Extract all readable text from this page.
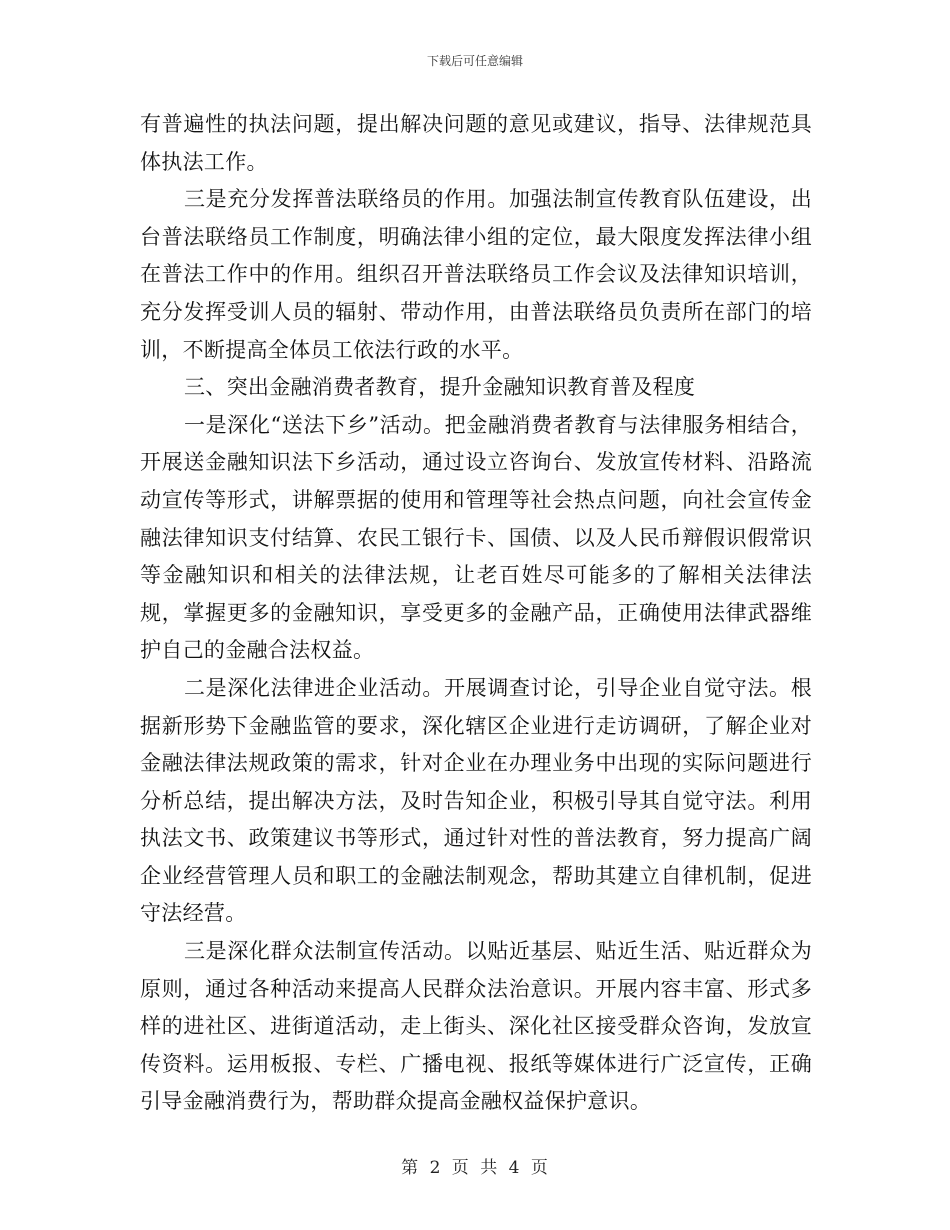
下载后可任意编辑

有普遍性的执法问题，提出解决问题的意见或建议，指导、法律规范具体执法工作。

三是充分发挥普法联络员的作用。加强法制宣传教育队伍建设，出台普法联络员工作制度，明确法律小组的定位，最大限度发挥法律小组在普法工作中的作用。组织召开普法联络员工作会议及法律知识培训，充分发挥受训人员的辐射、带动作用，由普法联络员负责所在部门的培训，不断提高全体员工依法行政的水平。

三、突出金融消费者教育，提升金融知识教育普及程度

一是深化“送法下乡”活动。把金融消费者教育与法律服务相结合，开展送金融知识法下乡活动，通过设立咨询台、发放宣传材料、沿路流动宣传等形式，讲解票据的使用和管理等社会热点问题，向社会宣传金融法律知识支付结算、农民工银行卡、国债、以及人民币辩假识假常识等金融知识和相关的法律法规，让老百姓尽可能多的了解相关法律法规，掌握更多的金融知识，享受更多的金融产品，正确使用法律武器维护自己的金融合法权益。

二是深化法律进企业活动。开展调查讨论，引导企业自觉守法。根据新形势下金融监管的要求，深化辖区企业进行走访调研，了解企业对金融法律法规政策的需求，针对企业在办理业务中出现的实际问题进行分析总结，提出解决方法，及时告知企业，积极引导其自觉守法。利用执法文书、政策建议书等形式，通过针对性的普法教育，努力提高广阔企业经营管理人员和职工的金融法制观念，帮助其建立自律机制，促进守法经营。

三是深化群众法制宣传活动。以贴近基层、贴近生活、贴近群众为原则，通过各种活动来提高人民群众法治意识。开展内容丰富、形式多样的进社区、进街道活动，走上街头、深化社区接受群众咨询，发放宣传资料。运用板报、专栏、广播电视、报纸等媒体进行广泛宣传，正确引导金融消费行为，帮助群众提高金融权益保护意识。

第 2 页 共 4 页
